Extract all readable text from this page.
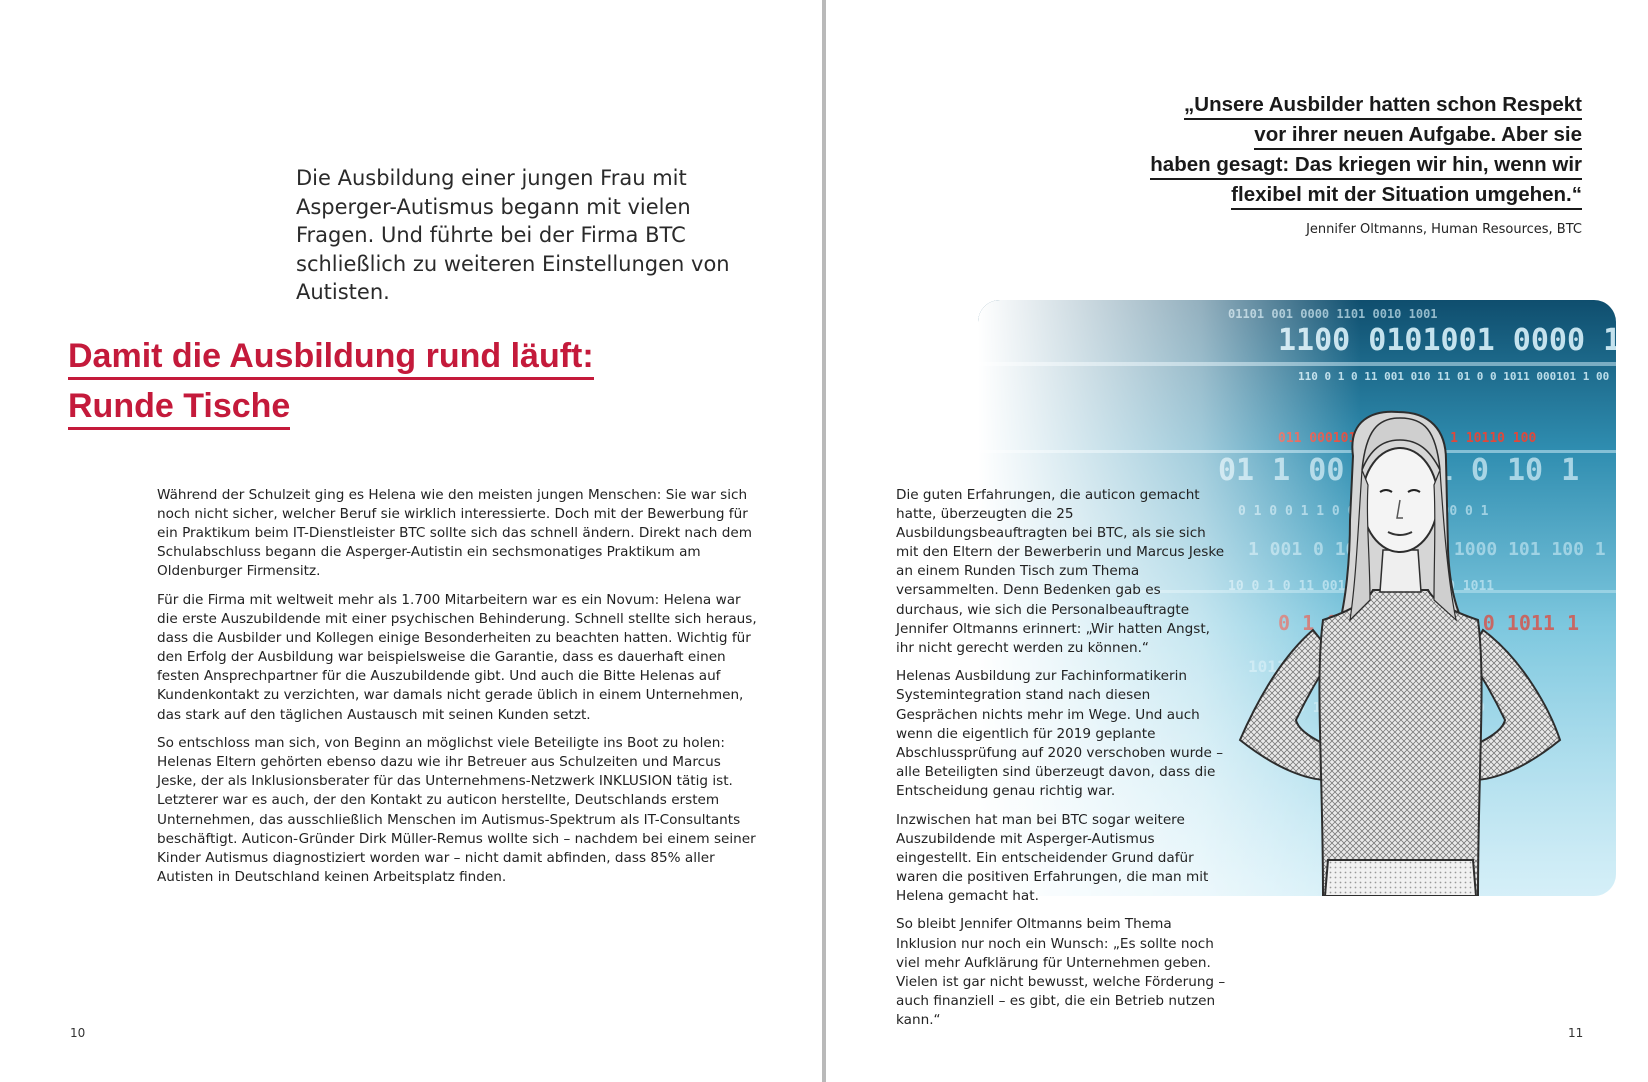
Die Ausbildung einer jungen Frau mit Asperger-Autismus begann mit vielen Fragen. Und führte bei der Firma BTC schließlich zu weiteren Einstellungen von Autisten.

Damit die Ausbildung rund läuft:
Runde Tische

Während der Schulzeit ging es Helena wie den meisten jungen Menschen: Sie war sich noch nicht sicher, welcher Beruf sie wirklich interessierte. Doch mit der Bewerbung für ein Praktikum beim IT-Dienstleister BTC sollte sich das schnell ändern. Direkt nach dem Schulabschluss begann die Asperger-Autistin ein sechsmonatiges Praktikum am Oldenburger Firmensitz.

Für die Firma mit weltweit mehr als 1.700 Mitarbeitern war es ein Novum: Helena war die erste Auszubildende mit einer psychischen Behinderung. Schnell stellte sich heraus, dass die Ausbilder und Kollegen einige Besonderheiten zu beachten hatten. Wichtig für den Erfolg der Ausbildung war beispielsweise die Garantie, dass es dauerhaft einen festen Ansprechpartner für die Auszubildende gibt. Und auch die Bitte Helenas auf Kundenkontakt zu verzichten, war damals nicht gerade üblich in einem Unternehmen, das stark auf den täglichen Austausch mit seinen Kunden setzt.

So entschloss man sich, von Beginn an möglichst viele Beteiligte ins Boot zu holen: Helenas Eltern gehörten ebenso dazu wie ihr Betreuer aus Schulzeiten und Marcus Jeske, der als Inklusionsberater für das Unternehmens-Netzwerk INKLUSION tätig ist. Letzterer war es auch, der den Kontakt zu auticon herstellte, Deutschlands erstem Unternehmen, das ausschließlich Menschen im Autismus-Spektrum als IT-Consultants beschäftigt. Auticon-Gründer Dirk Müller-Remus wollte sich – nachdem bei einem seiner Kinder Autismus diagnostiziert worden war – nicht damit abfinden, dass 85% aller Autisten in Deutschland keinen Arbeitsplatz finden.

10	11
„Unsere Ausbilder hatten schon Respekt
vor ihrer neuen Aufgabe. Aber sie
haben gesagt: Das kriegen wir hin, wenn wir
flexibel mit der Situation umgehen.“
Jennifer Oltmanns, Human Resources, BTC

Die guten Erfahrungen, die auticon gemacht hatte, überzeugten die 25 Ausbildungsbeauftragten bei BTC, als sie sich mit den Eltern der Bewerberin und Marcus Jeske an einem Runden Tisch zum Thema versammelten. Denn Bedenken gab es durchaus, wie sich die Personalbeauftragte Jennifer Oltmanns erinnert: „Wir hatten Angst, ihr nicht gerecht werden zu können.“

Helenas Ausbildung zur Fachinformatikerin Systemintegration stand nach diesen Gesprächen nichts mehr im Wege. Und auch wenn die eigentlich für 2019 geplante Abschlussprüfung auf 2020 verschoben wurde – alle Beteiligten sind überzeugt davon, dass die Entscheidung genau richtig war.

Inzwischen hat man bei BTC sogar weitere Auszubildende mit Asperger-Autismus eingestellt. Ein entscheidender Grund dafür waren die positiven Erfahrungen, die man mit Helena gemacht hat.

So bleibt Jennifer Oltmanns beim Thema Inklusion nur noch ein Wunsch: „Es sollte noch viel mehr Aufklärung für Unternehmen geben. Vielen ist gar nicht bewusst, welche Förderung – auch finanziell – es gibt, die ein Betrieb nutzen kann.“
